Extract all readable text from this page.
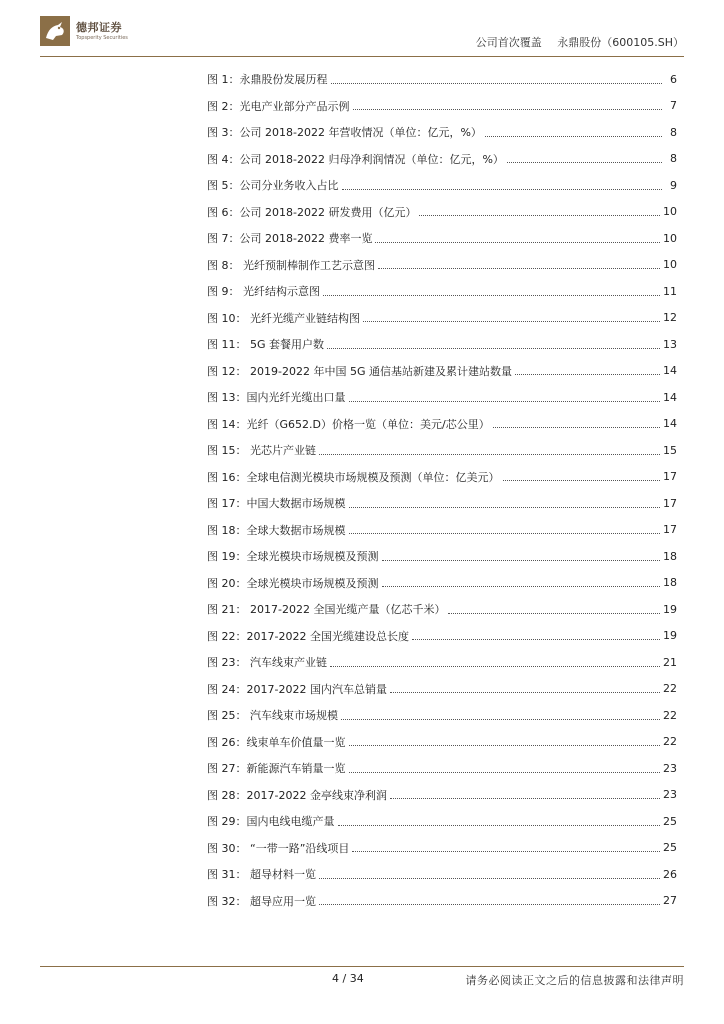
德邦证券
Topsperity Securities	公司首次覆盖 永鼎股份（600105.SH）
图 1： 永鼎股份发展历程	6
图 2： 光电产业部分产品示例	7
图 3： 公司 2018-2022 年营收情况（单位：亿元，%）	8
图 4： 公司 2018-2022 归母净利润情况（单位：亿元，%）	8
图 5： 公司分业务收入占比	9
图 6： 公司 2018-2022 研发费用（亿元）	10
图 7： 公司 2018-2022 费率一览	10
图 8： 光纤预制棒制作工艺示意图	10
图 9： 光纤结构示意图	11
图 10： 光纤光缆产业链结构图	12
图 11： 5G 套餐用户数	13
图 12： 2019-2022 年中国 5G 通信基站新建及累计建站数量	14
图 13： 国内光纤光缆出口量	14
图 14： 光纤（G652.D）价格一览（单位：美元/芯公里）	14
图 15： 光芯片产业链	15
图 16： 全球电信测光模块市场规模及预测（单位：亿美元）	17
图 17： 中国大数据市场规模	17
图 18： 全球大数据市场规模	17
图 19： 全球光模块市场规模及预测	18
图 20： 全球光模块市场规模及预测	18
图 21： 2017-2022 全国光缆产量（亿芯千米）	19
图 22： 2017-2022 全国光缆建设总长度	19
图 23： 汽车线束产业链	21
图 24： 2017-2022 国内汽车总销量	22
图 25： 汽车线束市场规模	22
图 26： 线束单车价值量一览	22
图 27： 新能源汽车销量一览	23
图 28： 2017-2022 金亭线束净利润	23
图 29： 国内电线电缆产量	25
图 30： “一带一路”沿线项目	25
图 31： 超导材料一览	26
图 32： 超导应用一览	27
4 / 34	请务必阅读正文之后的信息披露和法律声明
